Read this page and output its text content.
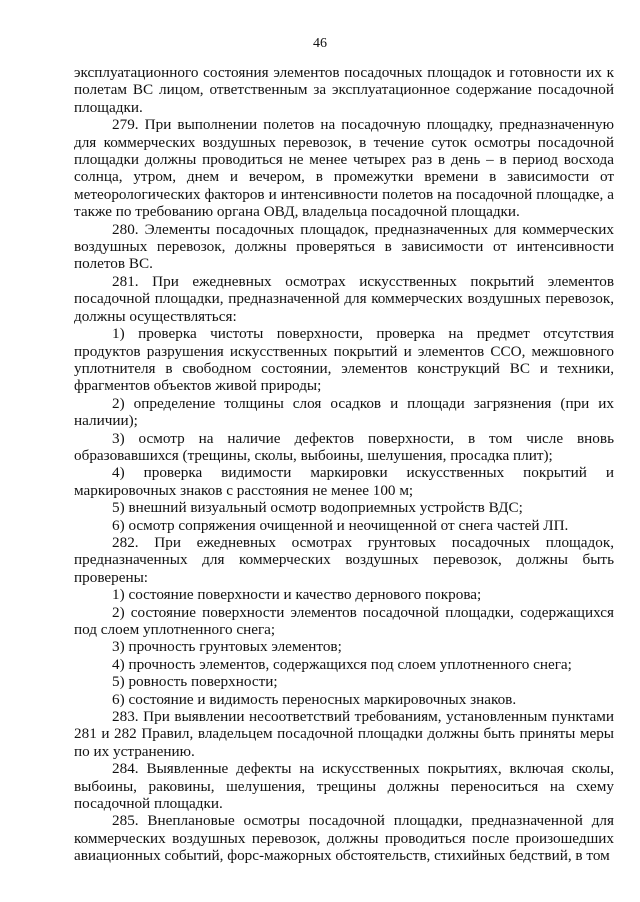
46

эксплуатационного состояния элементов посадочных площадок и готовности их к полетам ВС лицом, ответственным за эксплуатационное содержание посадочной площадки.

279. При выполнении полетов на посадочную площадку, предназначенную для коммерческих воздушных перевозок, в течение суток осмотры посадочной площадки должны проводиться не менее четырех раз в день – в период восхода солнца, утром, днем и вечером, в промежутки времени в зависимости от метеорологических факторов и интенсивности полетов на посадочной площадке, а также по требованию органа ОВД, владельца посадочной площадки.

280. Элементы посадочных площадок, предназначенных для коммерческих воздушных перевозок, должны проверяться в зависимости от интенсивности полетов ВС.

281. При ежедневных осмотрах искусственных покрытий элементов посадочной площадки, предназначенной для коммерческих воздушных перевозок, должны осуществляться:

1) проверка чистоты поверхности, проверка на предмет отсутствия продуктов разрушения искусственных покрытий и элементов ССО, межшовного уплотнителя в свободном состоянии, элементов конструкций ВС и техники, фрагментов объектов живой природы;

2) определение толщины слоя осадков и площади загрязнения (при их наличии);

3) осмотр на наличие дефектов поверхности, в том числе вновь образовавшихся (трещины, сколы, выбоины, шелушения, просадка плит);

4) проверка видимости маркировки искусственных покрытий и маркировочных знаков с расстояния не менее 100 м;

5) внешний визуальный осмотр водоприемных устройств ВДС;

6) осмотр сопряжения очищенной и неочищенной от снега частей ЛП.

282. При ежедневных осмотрах грунтовых посадочных площадок, предназначенных для коммерческих воздушных перевозок, должны быть проверены:

1) состояние поверхности и качество дернового покрова;

2) состояние поверхности элементов посадочной площадки, содержащихся под слоем уплотненного снега;

3) прочность грунтовых элементов;

4) прочность элементов, содержащихся под слоем уплотненного снега;

5) ровность поверхности;

6) состояние и видимость переносных маркировочных знаков.

283. При выявлении несоответствий требованиям, установленным пунктами 281 и 282 Правил, владельцем посадочной площадки должны быть приняты меры по их устранению.

284. Выявленные дефекты на искусственных покрытиях, включая сколы, выбоины, раковины, шелушения, трещины должны переноситься на схему посадочной площадки.

285. Внеплановые осмотры посадочной площадки, предназначенной для коммерческих воздушных перевозок, должны проводиться после произошедших авиационных событий, форс-мажорных обстоятельств, стихийных бедствий, в том
